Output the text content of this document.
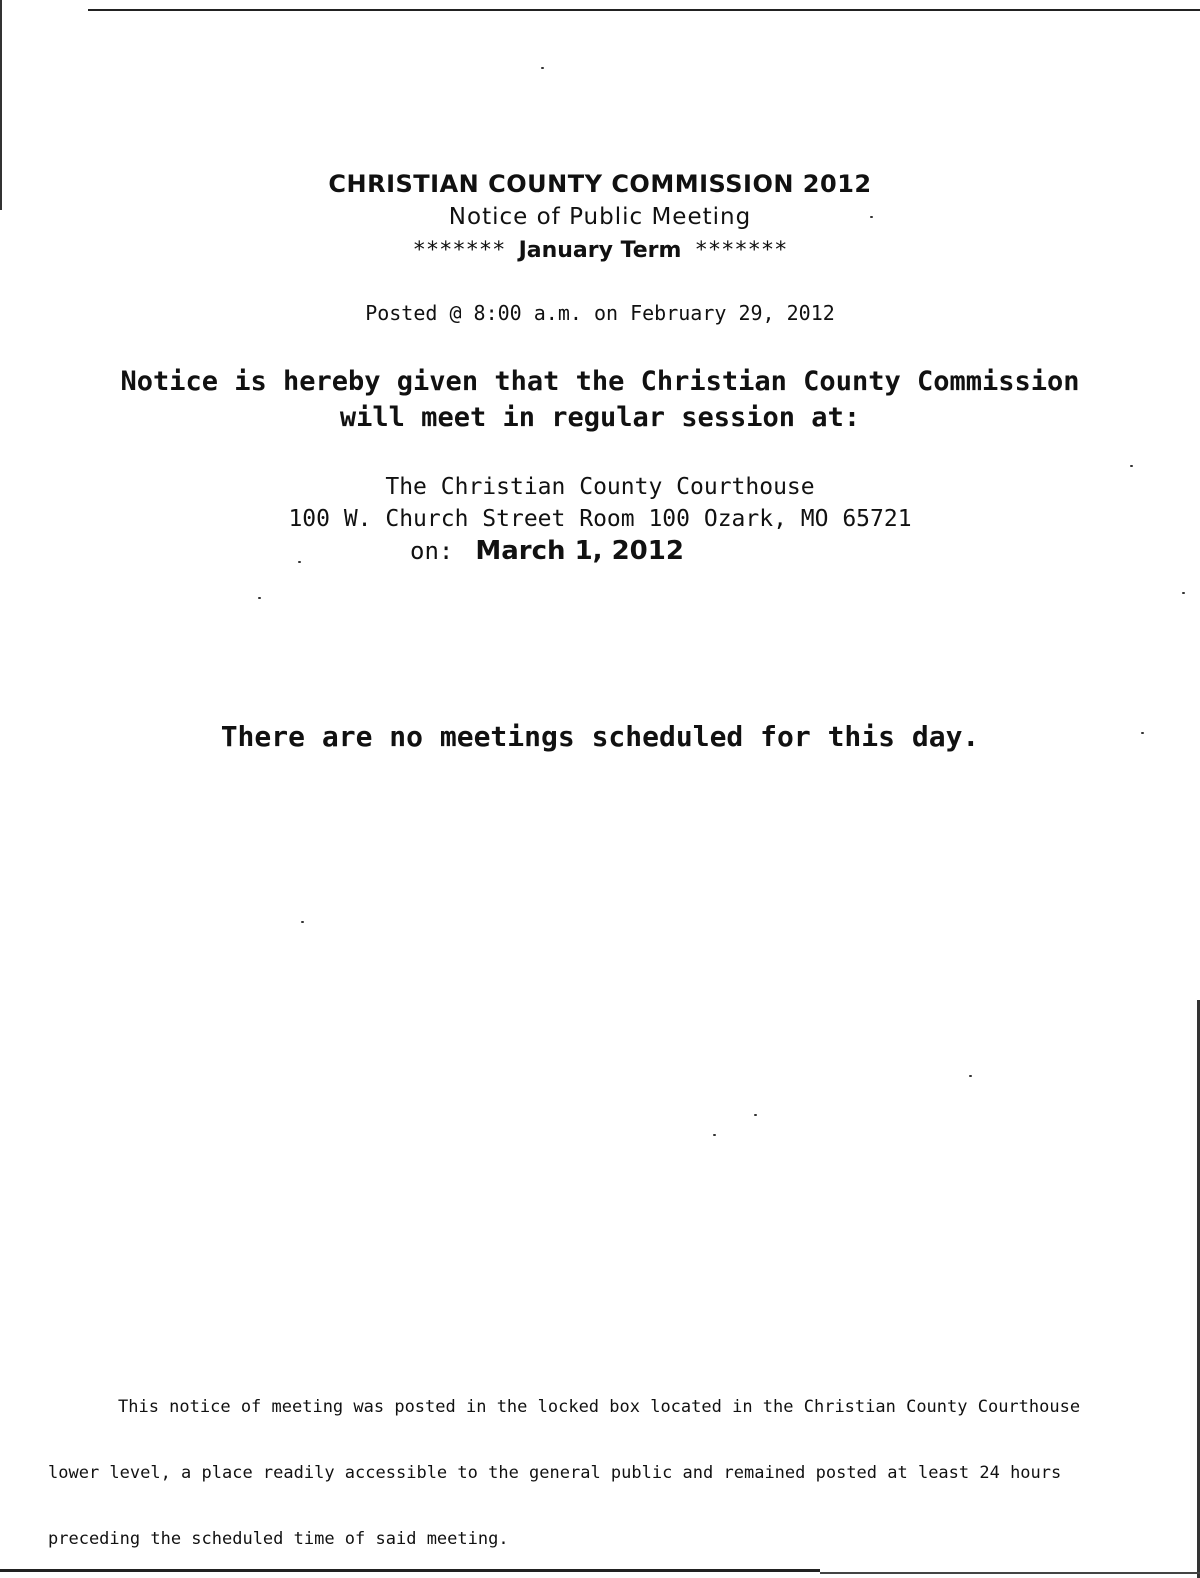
CHRISTIAN COUNTY COMMISSION 2012
Notice of Public Meeting
******* January Term *******
Posted @ 8:00 a.m. on February 29, 2012
Notice is hereby given that the Christian County Commission
will meet in regular session at:
The Christian County Courthouse
100 W. Church Street Room 100 Ozark, MO 65721
on: March 1, 2012
There are no meetings scheduled for this day.

This notice of meeting was posted in the locked box located in the Christian County Courthouse

lower level, a place readily accessible to the general public and remained posted at least 24 hours

preceding the scheduled time of said meeting.
